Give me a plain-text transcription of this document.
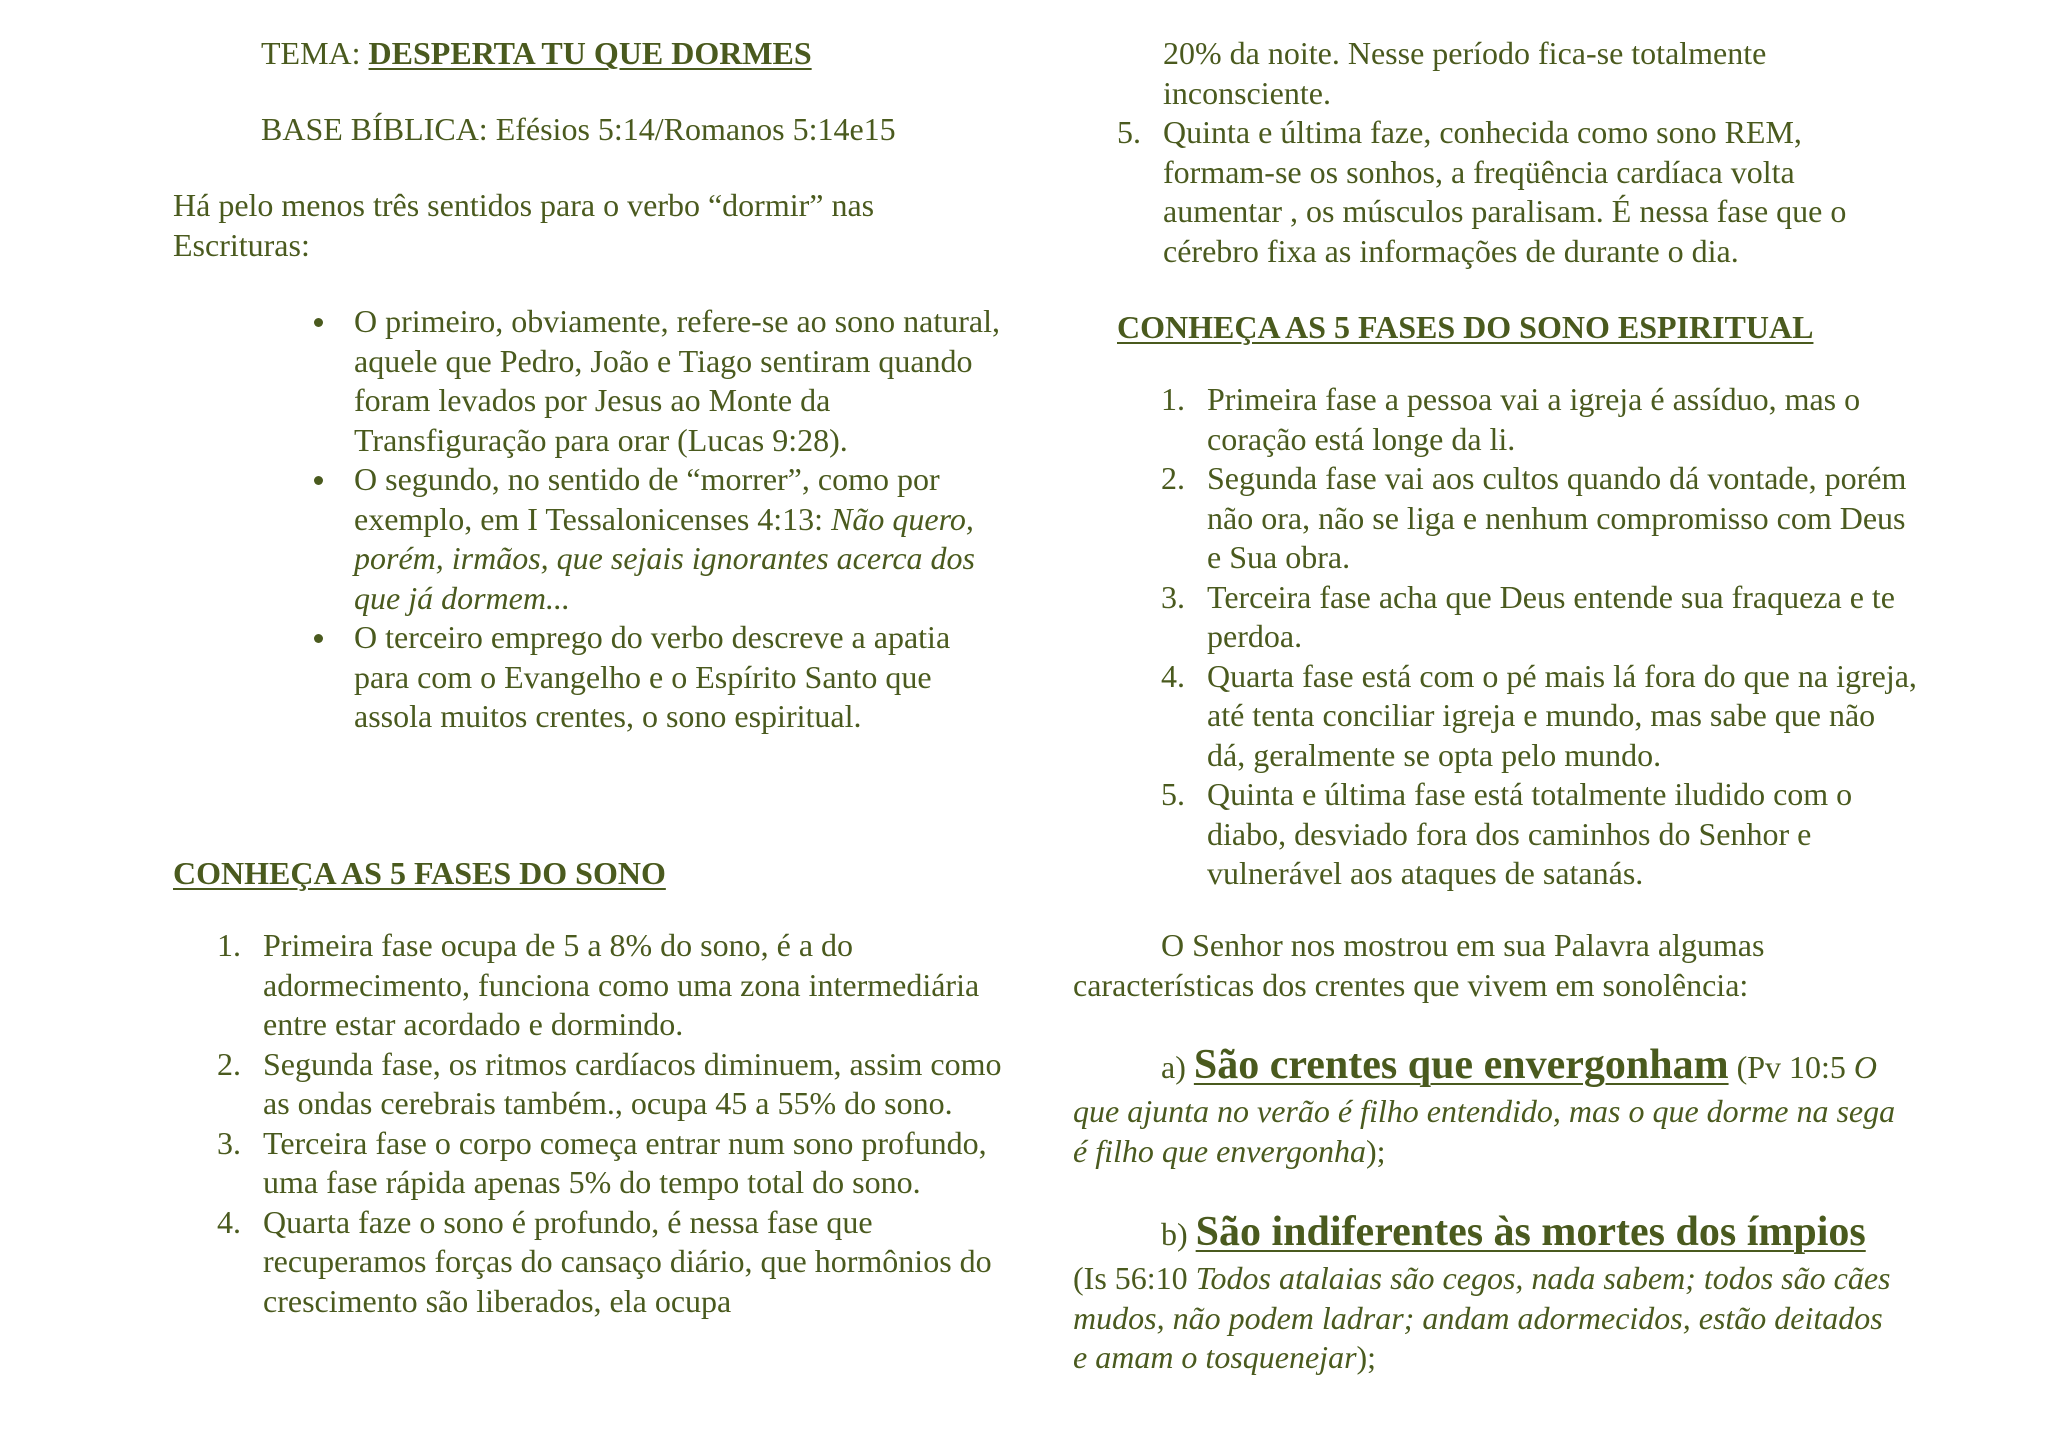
TEMA: DESPERTA TU QUE DORMES

BASE BÍBLICA: Efésios 5:14/Romanos 5:14e15

Há pelo menos três sentidos para o verbo “dormir” nas Escrituras:

O primeiro, obviamente, refere-se ao sono natural, aquele que Pedro, João e Tiago sentiram quando foram levados por Jesus ao Monte da Transfiguração para orar (Lucas 9:28).
O segundo, no sentido de “morrer”, como por exemplo, em I Tessalonicenses 4:13: Não quero, porém, irmãos, que sejais ignorantes acerca dos que já dormem...
O terceiro emprego do verbo descreve a apatia para com o Evangelho e o Espírito Santo que assola muitos crentes, o sono espiritual.

CONHEÇA AS 5 FASES DO SONO

1. Primeira fase ocupa de 5 a 8% do sono, é a do adormecimento, funciona como uma zona intermediária entre estar acordado e dormindo.
2. Segunda fase, os ritmos cardíacos diminuem, assim como as ondas cerebrais também., ocupa 45 a 55% do sono.
3. Terceira fase o corpo começa entrar num sono profundo, uma fase rápida apenas 5% do tempo total do sono.
4. Quarta faze o sono é profundo, é nessa fase que recuperamos forças do cansaço diário, que hormônios do crescimento são liberados, ela ocupa
20% da noite. Nesse período fica-se totalmente inconsciente.
5. Quinta e última faze, conhecida como sono REM, formam-se os sonhos, a freqüência cardíaca volta aumentar , os músculos paralisam. É nessa fase que o cérebro fixa as informações de durante o dia.

CONHEÇA AS 5 FASES DO SONO ESPIRITUAL

1. Primeira fase a pessoa vai a igreja é assíduo, mas o coração está longe da li.
2. Segunda fase vai aos cultos quando dá vontade, porém não ora, não se liga e nenhum compromisso com Deus e Sua obra.
3. Terceira fase acha que Deus entende sua fraqueza e te perdoa.
4. Quarta fase está com o pé mais lá fora do que na igreja, até tenta conciliar igreja e mundo, mas sabe que não dá, geralmente se opta pelo mundo.
5. Quinta e última fase está totalmente iludido com o diabo, desviado fora dos caminhos do Senhor e vulnerável aos ataques de satanás.

O Senhor nos mostrou em sua Palavra algumas características dos crentes que vivem em sonolência:

a) São crentes que envergonham (Pv 10:5 O que ajunta no verão é filho entendido, mas o que dorme na sega é filho que envergonha);

b) São indiferentes às mortes dos ímpios (Is 56:10 Todos atalaias são cegos, nada sabem; todos são cães mudos, não podem ladrar; andam adormecidos, estão deitados e amam o tosquenejar);
